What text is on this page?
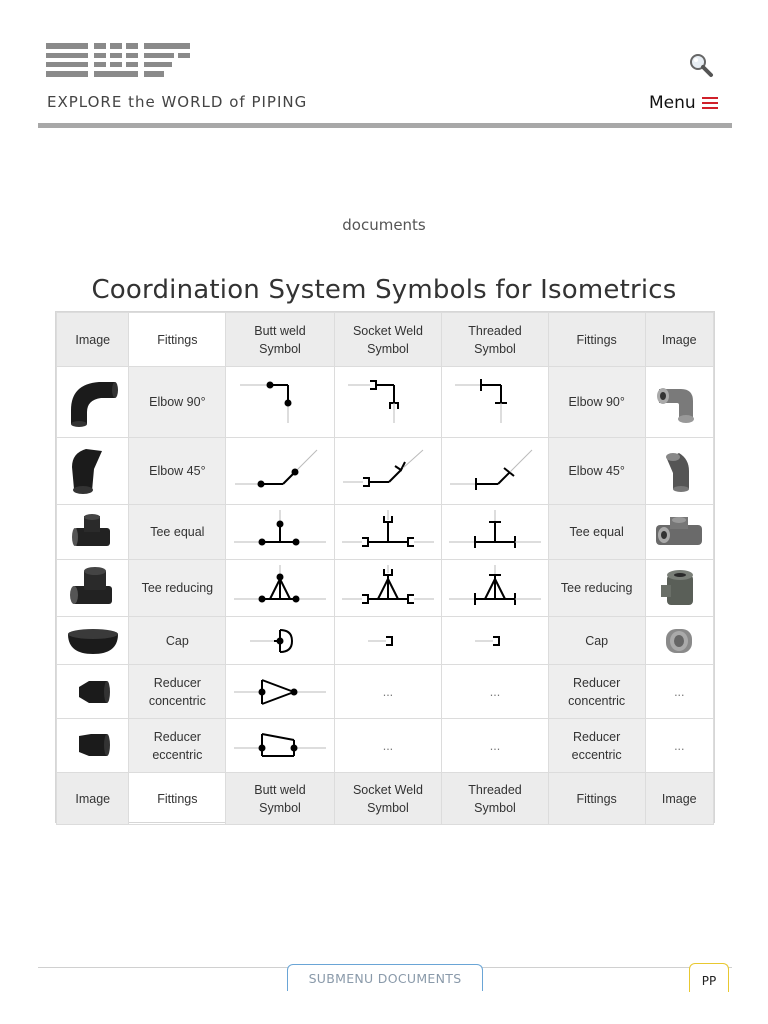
EXPLORE the WORLD of PIPING	Menu
documents
Coordination System Symbols for Isometrics
Image	Fittings	Butt weld Symbol	Socket Weld Symbol	Threaded Symbol	Fittings	Image

	Elbow 90°				Elbow 90°	

	Elbow 45°				Elbow 45°	

	Tee equal				Tee equal	

	Tee reducing				Tee reducing	

	Cap				Cap	

	Reducer concentric		...	...	Reducer concentric	...

	Reducer eccentric		...	...	Reducer eccentric	...
Image	Fittings	Butt weld Symbol	Socket Weld Symbol	Threaded Symbol	Fittings	Image
SUBMENU DOCUMENTS	PP
